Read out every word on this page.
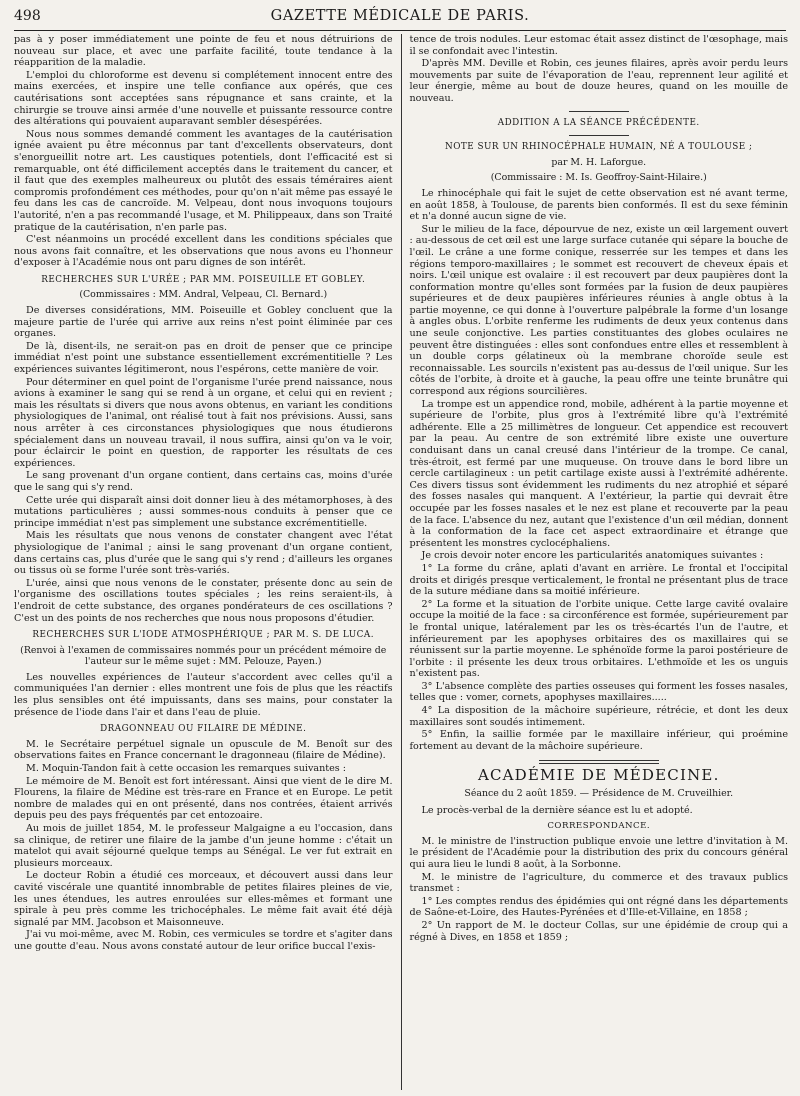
498	GAZETTE MÉDICALE DE PARIS.

pas à y poser immédiatement une pointe de feu et nous détruirions de nouveau sur place, et avec une parfaite facilité, toute tendance à la réapparition de la maladie.

L'emploi du chloroforme est devenu si complétement innocent entre des mains exercées, et inspire une telle confiance aux opérés, que ces cautérisations sont acceptées sans répugnance et sans crainte, et la chirurgie se trouve ainsi armée d'une nouvelle et puissante ressource contre des altérations qui pouvaient auparavant sembler désespérées.

Nous nous sommes demandé comment les avantages de la cautérisation ignée avaient pu être méconnus par tant d'excellents observateurs, dont s'enorgueillit notre art. Les caustiques potentiels, dont l'efficacité est si remarquable, ont été difficilement acceptés dans le traitement du cancer, et il faut que des exemples malheureux ou plutôt des essais téméraires aient compromis profondément ces méthodes, pour qu'on n'ait même pas essayé le feu dans les cas de cancroïde. M. Velpeau, dont nous invoquons toujours l'autorité, n'en a pas recommandé l'usage, et M. Philippeaux, dans son Traité pratique de la cautérisation, n'en parle pas.

C'est néanmoins un procédé excellent dans les conditions spéciales que nous avons fait connaître, et les observations que nous avons eu l'honneur d'exposer à l'Académie nous ont paru dignes de son intérêt.

RECHERCHES SUR L'URÉE ; PAR MM. POISEUILLE ET GOBLEY.
(Commissaires : MM. Andral, Velpeau, Cl. Bernard.)

De diverses considérations, MM. Poiseuille et Gobley concluent que la majeure partie de l'urée qui arrive aux reins n'est point éliminée par ces organes.

De là, disent-ils, ne serait-on pas en droit de penser que ce principe immédiat n'est point une substance essentiellement excrémentitielle ? Les expériences suivantes légitimeront, nous l'espérons, cette manière de voir.

Pour déterminer en quel point de l'organisme l'urée prend naissance, nous avions à examiner le sang qui se rend à un organe, et celui qui en revient ; mais les résultats si divers que nous avons obtenus, en variant les conditions physiologiques de l'animal, ont réalisé tout à fait nos prévisions. Aussi, sans nous arrêter à ces circonstances physiologiques que nous étudierons spécialement dans un nouveau travail, il nous suffira, ainsi qu'on va le voir, pour éclaircir le point en question, de rapporter les résultats de ces expériences.

Le sang provenant d'un organe contient, dans certains cas, moins d'urée que le sang qui s'y rend.

Cette urée qui disparaît ainsi doit donner lieu à des métamorphoses, à des mutations particulières ; aussi sommes-nous conduits à penser que ce principe immédiat n'est pas simplement une substance excrémentitielle.

Mais les résultats que nous venons de constater changent avec l'état physiologique de l'animal ; ainsi le sang provenant d'un organe contient, dans certains cas, plus d'urée que le sang qui s'y rend ; d'ailleurs les organes ou tissus où se forme l'urée sont très-variés.

L'urée, ainsi que nous venons de le constater, présente donc au sein de l'organisme des oscillations toutes spéciales ; les reins seraient-ils, à l'endroit de cette substance, des organes pondérateurs de ces oscillations ? C'est un des points de nos recherches que nous nous proposons d'étudier.

RECHERCHES SUR L'IODE ATMOSPHÉRIQUE ; PAR M. S. DE LUCA.
(Renvoi à l'examen de commissaires nommés pour un précédent mémoire de l'auteur sur le même sujet : MM. Pelouze, Payen.)

Les nouvelles expériences de l'auteur s'accordent avec celles qu'il a communiquées l'an dernier : elles montrent une fois de plus que les réactifs les plus sensibles ont été impuissants, dans ses mains, pour constater la présence de l'iode dans l'air et dans l'eau de pluie.

DRAGONNEAU OU FILAIRE DE MÉDINE.

M. le Secrétaire perpétuel signale un opuscule de M. Benoît sur des observations faites en France concernant le dragonneau (filaire de Médine).

M. Moquin-Tandon fait à cette occasion les remarques suivantes :

Le mémoire de M. Benoît est fort intéressant. Ainsi que vient de le dire M. Flourens, la filaire de Médine est très-rare en France et en Europe. Le petit nombre de malades qui en ont présenté, dans nos contrées, étaient arrivés depuis peu des pays fréquentés par cet entozoaire.

Au mois de juillet 1854, M. le professeur Malgaigne a eu l'occasion, dans sa clinique, de retirer une filaire de la jambe d'un jeune homme : c'était un matelot qui avait séjourné quelque temps au Sénégal. Le ver fut extrait en plusieurs morceaux.

Le docteur Robin a étudié ces morceaux, et découvert aussi dans leur cavité viscérale une quantité innombrable de petites filaires pleines de vie, les unes étendues, les autres enroulées sur elles-mêmes et formant une spirale à peu près comme les trichocéphales. Le même fait avait été déjà signalé par MM. Jacobson et Maisonneuve.

J'ai vu moi-même, avec M. Robin, ces vermicules se tordre et s'agiter dans une goutte d'eau. Nous avons constaté autour de leur orifice buccal l'exis-

tence de trois nodules. Leur estomac était assez distinct de l'œsophage, mais il se confondait avec l'intestin.

D'après MM. Deville et Robin, ces jeunes filaires, après avoir perdu leurs mouvements par suite de l'évaporation de l'eau, reprennent leur agilité et leur énergie, même au bout de douze heures, quand on les mouille de nouveau.

ADDITION A LA SÉANCE PRÉCÉDENTE.
NOTE SUR UN RHINOCÉPHALE HUMAIN, NÉ A TOULOUSE ;
par M. H. Laforgue.
(Commissaire : M. Is. Geoffroy-Saint-Hilaire.)

Le rhinocéphale qui fait le sujet de cette observation est né avant terme, en août 1858, à Toulouse, de parents bien conformés. Il est du sexe féminin et n'a donné aucun signe de vie.

Sur le milieu de la face, dépourvue de nez, existe un œil largement ouvert : au-dessous de cet œil est une large surface cutanée qui sépare la bouche de l'œil. Le crâne a une forme conique, resserrée sur les tempes et dans les régions temporo-maxillaires ; le sommet est recouvert de cheveux épais et noirs. L'œil unique est ovalaire : il est recouvert par deux paupières dont la conformation montre qu'elles sont formées par la fusion de deux paupières supérieures et de deux paupières inférieures réunies à angle obtus à la partie moyenne, ce qui donne à l'ouverture palpébrale la forme d'un losange à angles obus. L'orbite renferme les rudiments de deux yeux contenus dans une seule conjonctive. Les parties constituantes des globes oculaires ne peuvent être distinguées : elles sont confondues entre elles et ressemblent à un double corps gélatineux où la membrane choroïde seule est reconnaissable. Les sourcils n'existent pas au-dessus de l'œil unique. Sur les côtés de l'orbite, à droite et à gauche, la peau offre une teinte brunâtre qui correspond aux régions sourcilières.

La trompe est un appendice rond, mobile, adhérent à la partie moyenne et supérieure de l'orbite, plus gros à l'extrémité libre qu'à l'extrémité adhérente. Elle a 25 millimètres de longueur. Cet appendice est recouvert par la peau. Au centre de son extrémité libre existe une ouverture conduisant dans un canal creusé dans l'intérieur de la trompe. Ce canal, très-étroit, est fermé par une muqueuse. On trouve dans le bord libre un cercle cartilagineux : un petit cartilage existe aussi à l'extrémité adhérente. Ces divers tissus sont évidemment les rudiments du nez atrophié et séparé des fosses nasales qui manquent. A l'extérieur, la partie qui devrait être occupée par les fosses nasales et le nez est plane et recouverte par la peau de la face. L'absence du nez, autant que l'existence d'un œil médian, donnent à la conformation de la face cet aspect extraordinaire et étrange que présentent les monstres cyclocéphaliens.

Je crois devoir noter encore les particularités anatomiques suivantes :

1° La forme du crâne, aplati d'avant en arrière. Le frontal et l'occipital droits et dirigés presque verticalement, le frontal ne présentant plus de trace de la suture médiane dans sa moitié inférieure.

2° La forme et la situation de l'orbite unique. Cette large cavité ovalaire occupe la moitié de la face : sa circonférence est formée, supérieurement par le frontal unique, latéralement par les os très-écartés l'un de l'autre, et inférieurement par les apophyses orbitaires des os maxillaires qui se réunissent sur la partie moyenne. Le sphénoïde forme la paroi postérieure de l'orbite : il présente les deux trous orbitaires. L'ethmoïde et les os unguis n'existent pas.

3° L'absence complète des parties osseuses qui forment les fosses nasales, telles que : vomer, cornets, apophyses maxillaires.....

4° La disposition de la mâchoire supérieure, rétrécie, et dont les deux maxillaires sont soudés intimement.

5° Enfin, la saillie formée par le maxillaire inférieur, qui proémine fortement au devant de la mâchoire supérieure.

ACADÉMIE DE MÉDECINE.
Séance du 2 août 1859. — Présidence de M. Cruveilhier.

Le procès-verbal de la dernière séance est lu et adopté.

CORRESPONDANCE.

M. le ministre de l'instruction publique envoie une lettre d'invitation à M. le président de l'Académie pour la distribution des prix du concours général qui aura lieu le lundi 8 août, à la Sorbonne.

M. le ministre de l'agriculture, du commerce et des travaux publics transmet :

1° Les comptes rendus des épidémies qui ont régné dans les départements de Saône-et-Loire, des Hautes-Pyrénées et d'Ille-et-Villaine, en 1858 ;

2° Un rapport de M. le docteur Collas, sur une épidémie de croup qui a régné à Dives, en 1858 et 1859 ;
